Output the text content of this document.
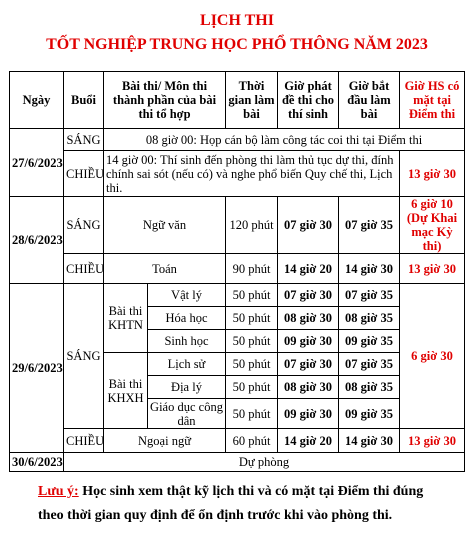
LỊCH THI
TỐT NGHIỆP TRUNG HỌC PHỔ THÔNG NĂM 2023
Ngày	Buổi	Bài thi/ Môn thi thành phần của bài thi tổ hợp		Thời gian làm bài	Giờ phát đề thi cho thí sinh	Giờ bắt đầu làm bài	Giờ HS có mặt tại Điểm thi
27/6/2023	SÁNG	08 giờ 00: Họp cán bộ làm công tác coi thi tại Điểm thi					
	CHIỀU	14 giờ 00: Thí sinh đến phòng thi làm thủ tục dự thi, đính chính sai sót (nếu có) và nghe phổ biến Quy chế thi, Lịch thi.					13 giờ 30
28/6/2023	SÁNG	Ngữ văn		120 phút	07 giờ 30	07 giờ 35	6 giờ 10 (Dự Khai mạc Kỳ thi)
	CHIỀU	Toán		90 phút	14 giờ 20	14 giờ 30	13 giờ 30
29/6/2023	SÁNG	Bài thi KHTN	Vật lý	50 phút	07 giờ 30	07 giờ 35	6 giờ 30
			Hóa học	50 phút	08 giờ 30	08 giờ 35	
			Sinh học	50 phút	09 giờ 30	09 giờ 35	
		Bài thi KHXH	Lịch sử	50 phút	07 giờ 30	07 giờ 35	
			Địa lý	50 phút	08 giờ 30	08 giờ 35	
			Giáo dục công dân	50 phút	09 giờ 30	09 giờ 35	
	CHIỀU	Ngoại ngữ		60 phút	14 giờ 20	14 giờ 30	13 giờ 30
30/6/2023	Dự phòng						
Lưu ý: Học sinh xem thật kỹ lịch thi và có mặt tại Điểm thi đúng theo thời gian quy định để ổn định trước khi vào phòng thi.
